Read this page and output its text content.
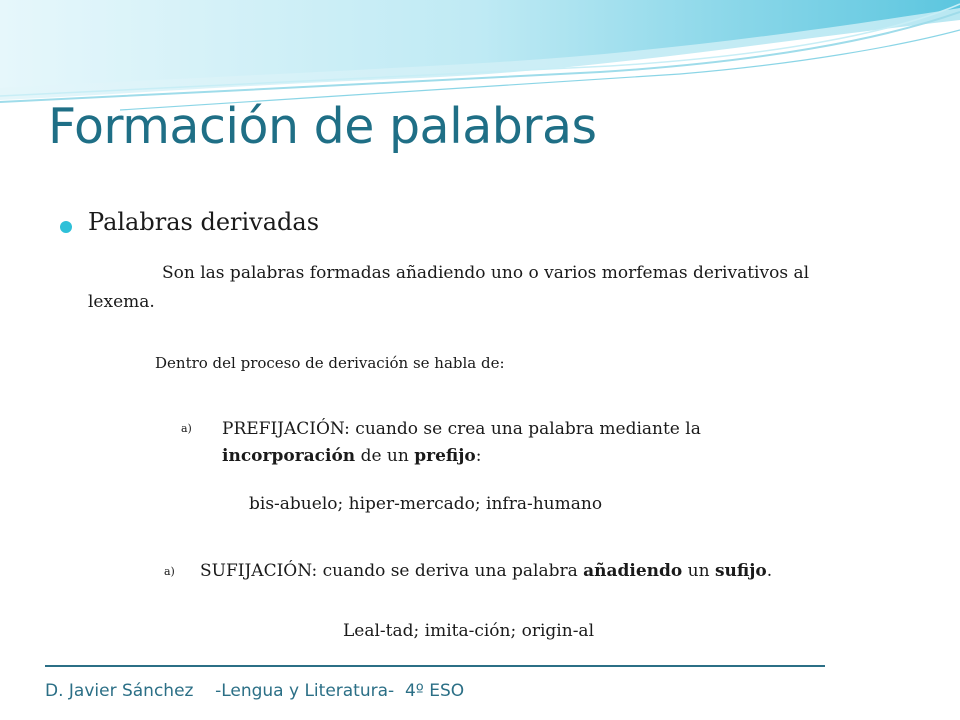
Formación de palabras
Palabras derivadas
Son las palabras formadas añadiendo uno o varios morfemas derivativos al lexema.
Dentro del proceso de derivación se habla de:
a) PREFIJACIÓN: cuando se crea una palabra mediante la incorporación de un prefijo:
bis-abuelo; hiper-mercado; infra-humano
a) SUFIJACIÓN: cuando se deriva una palabra añadiendo un sufijo.
Leal-tad; imita-ción; origin-al
D. Javier Sánchez    -Lengua y Literatura-  4º ESO
